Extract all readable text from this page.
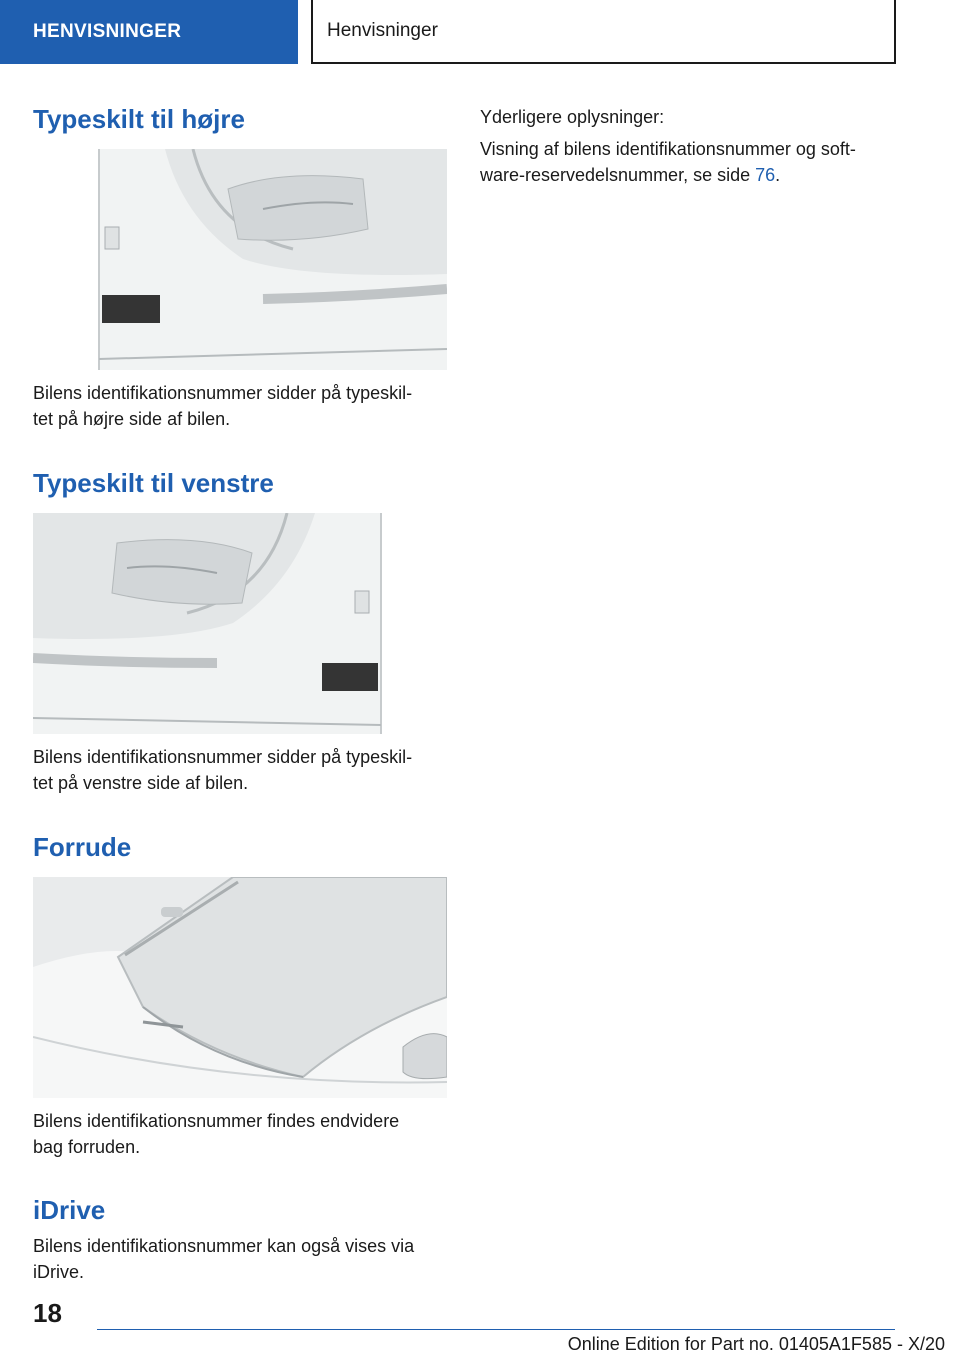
HENVISNINGER	Henvisninger
Typeskilt til højre

Bilens identifikationsnummer sidder på typeskil-
tet på højre side af bilen.

Typeskilt til venstre

Bilens identifikationsnummer sidder på typeskil-
tet på venstre side af bilen.

Forrude

Bilens identifikationsnummer findes endvidere
bag forruden.

iDrive

Bilens identifikationsnummer kan også vises via
iDrive.

Yderligere oplysninger:

Visning af bilens identifikationsnummer og soft-
ware-reservedelsnummer, se side 76.

18
Online Edition for Part no. 01405A1F585 - X/20
